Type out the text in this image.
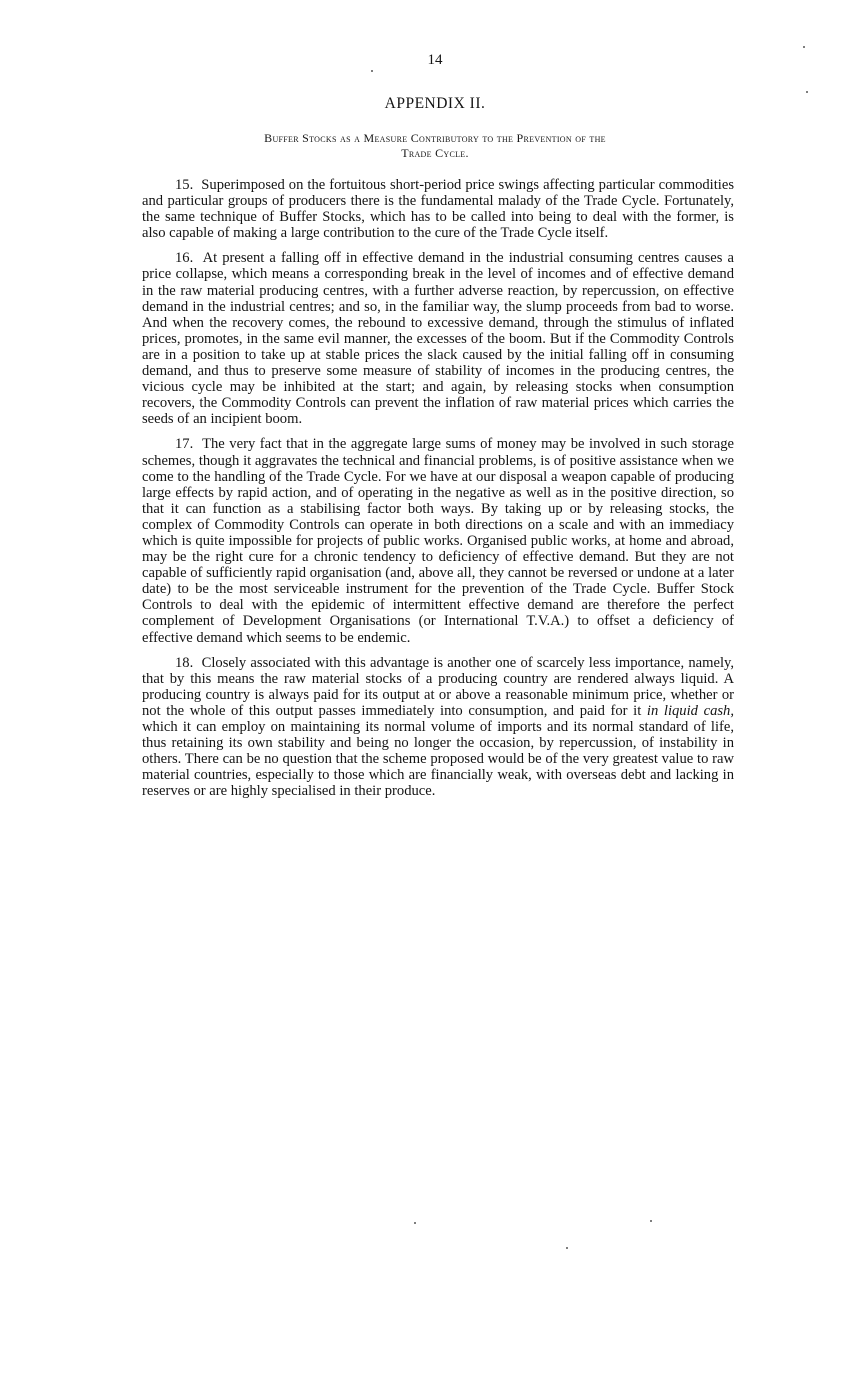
14
APPENDIX II.
Buffer Stocks as a Measure Contributory to the Prevention of the
Trade Cycle.

15. Superimposed on the fortuitous short-period price swings affecting particular commodities and particular groups of producers there is the fundamental malady of the Trade Cycle. Fortunately, the same technique of Buffer Stocks, which has to be called into being to deal with the former, is also capable of making a large contribution to the cure of the Trade Cycle itself.

16. At present a falling off in effective demand in the industrial consuming centres causes a price collapse, which means a corresponding break in the level of incomes and of effective demand in the raw material producing centres, with a further adverse reaction, by repercussion, on effective demand in the industrial centres; and so, in the familiar way, the slump proceeds from bad to worse. And when the recovery comes, the rebound to excessive demand, through the stimulus of inflated prices, promotes, in the same evil manner, the excesses of the boom. But if the Commodity Controls are in a position to take up at stable prices the slack caused by the initial falling off in consuming demand, and thus to preserve some measure of stability of incomes in the producing centres, the vicious cycle may be inhibited at the start; and again, by releasing stocks when consumption recovers, the Commodity Controls can prevent the inflation of raw material prices which carries the seeds of an incipient boom.

17. The very fact that in the aggregate large sums of money may be involved in such storage schemes, though it aggravates the technical and financial problems, is of positive assistance when we come to the handling of the Trade Cycle. For we have at our disposal a weapon capable of producing large effects by rapid action, and of operating in the negative as well as in the positive direction, so that it can function as a stabilising factor both ways. By taking up or by releasing stocks, the complex of Commodity Controls can operate in both directions on a scale and with an immediacy which is quite impossible for projects of public works. Organised public works, at home and abroad, may be the right cure for a chronic tendency to deficiency of effective demand. But they are not capable of sufficiently rapid organisation (and, above all, they cannot be reversed or undone at a later date) to be the most serviceable instrument for the prevention of the Trade Cycle. Buffer Stock Controls to deal with the epidemic of intermittent effective demand are therefore the perfect complement of Development Organisations (or International T.V.A.) to offset a deficiency of effective demand which seems to be endemic.

18. Closely associated with this advantage is another one of scarcely less importance, namely, that by this means the raw material stocks of a producing country are rendered always liquid. A producing country is always paid for its output at or above a reasonable minimum price, whether or not the whole of this output passes immediately into consumption, and paid for it in liquid cash, which it can employ on maintaining its normal volume of imports and its normal standard of life, thus retaining its own stability and being no longer the occasion, by repercussion, of instability in others. There can be no question that the scheme proposed would be of the very greatest value to raw material countries, especially to those which are financially weak, with overseas debt and lacking in reserves or are highly specialised in their produce.
